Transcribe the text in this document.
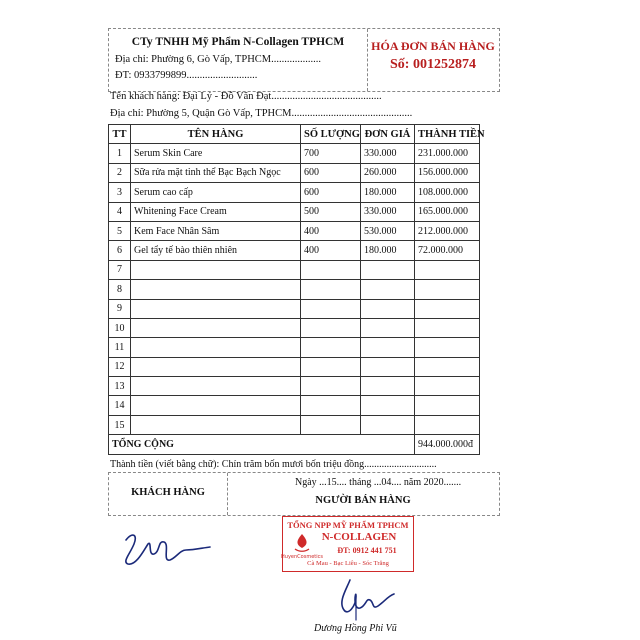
CTy TNHH Mỹ Phẩm N-Collagen TPHCM
Địa chỉ: Phường 6, Gò Vấp, TPHCM...................
ĐT: 0933799899...........................
HÓA ĐƠN BÁN HÀNG
Số: 001252874
Tên khách hàng: Đại Lý - Đỗ Văn Đạt..........................................
Địa chỉ: Phường 5, Quận Gò Vấp, TPHCM..............................................
TT	TÊN HÀNG	SỐ LƯỢNG	ĐƠN GIÁ	THÀNH TIỀN
1	Serum Skin Care	700	330.000	231.000.000
2	Sữa rửa mặt tinh thể Bạc Bạch Ngọc	600	260.000	156.000.000
3	Serum cao cấp	600	180.000	108.000.000
4	Whitening Face Cream	500	330.000	165.000.000
5	Kem Face Nhân Sâm	400	530.000	212.000.000
6	Gel tẩy tế bào thiên nhiên	400	180.000	72.000.000
7				
8				
9				
10				
11				
12				
13				
14				
15				
TỔNG CỘNG				944.000.000đ
Thành tiền (viết bằng chữ): Chín trăm bốn mươi bốn triệu đồng.............................
KHÁCH HÀNG
Ngày ...15.... tháng ...04.... năm 2020.......
NGƯỜI BÁN HÀNG
TỔNG NPP MỸ PHẨM TPHCM
HuyenCosmetics
N-COLLAGEN
ĐT: 0912 441 751
Cà Mau - Bạc Liêu - Sóc Trăng
Dương Hồng Phi Vũ
